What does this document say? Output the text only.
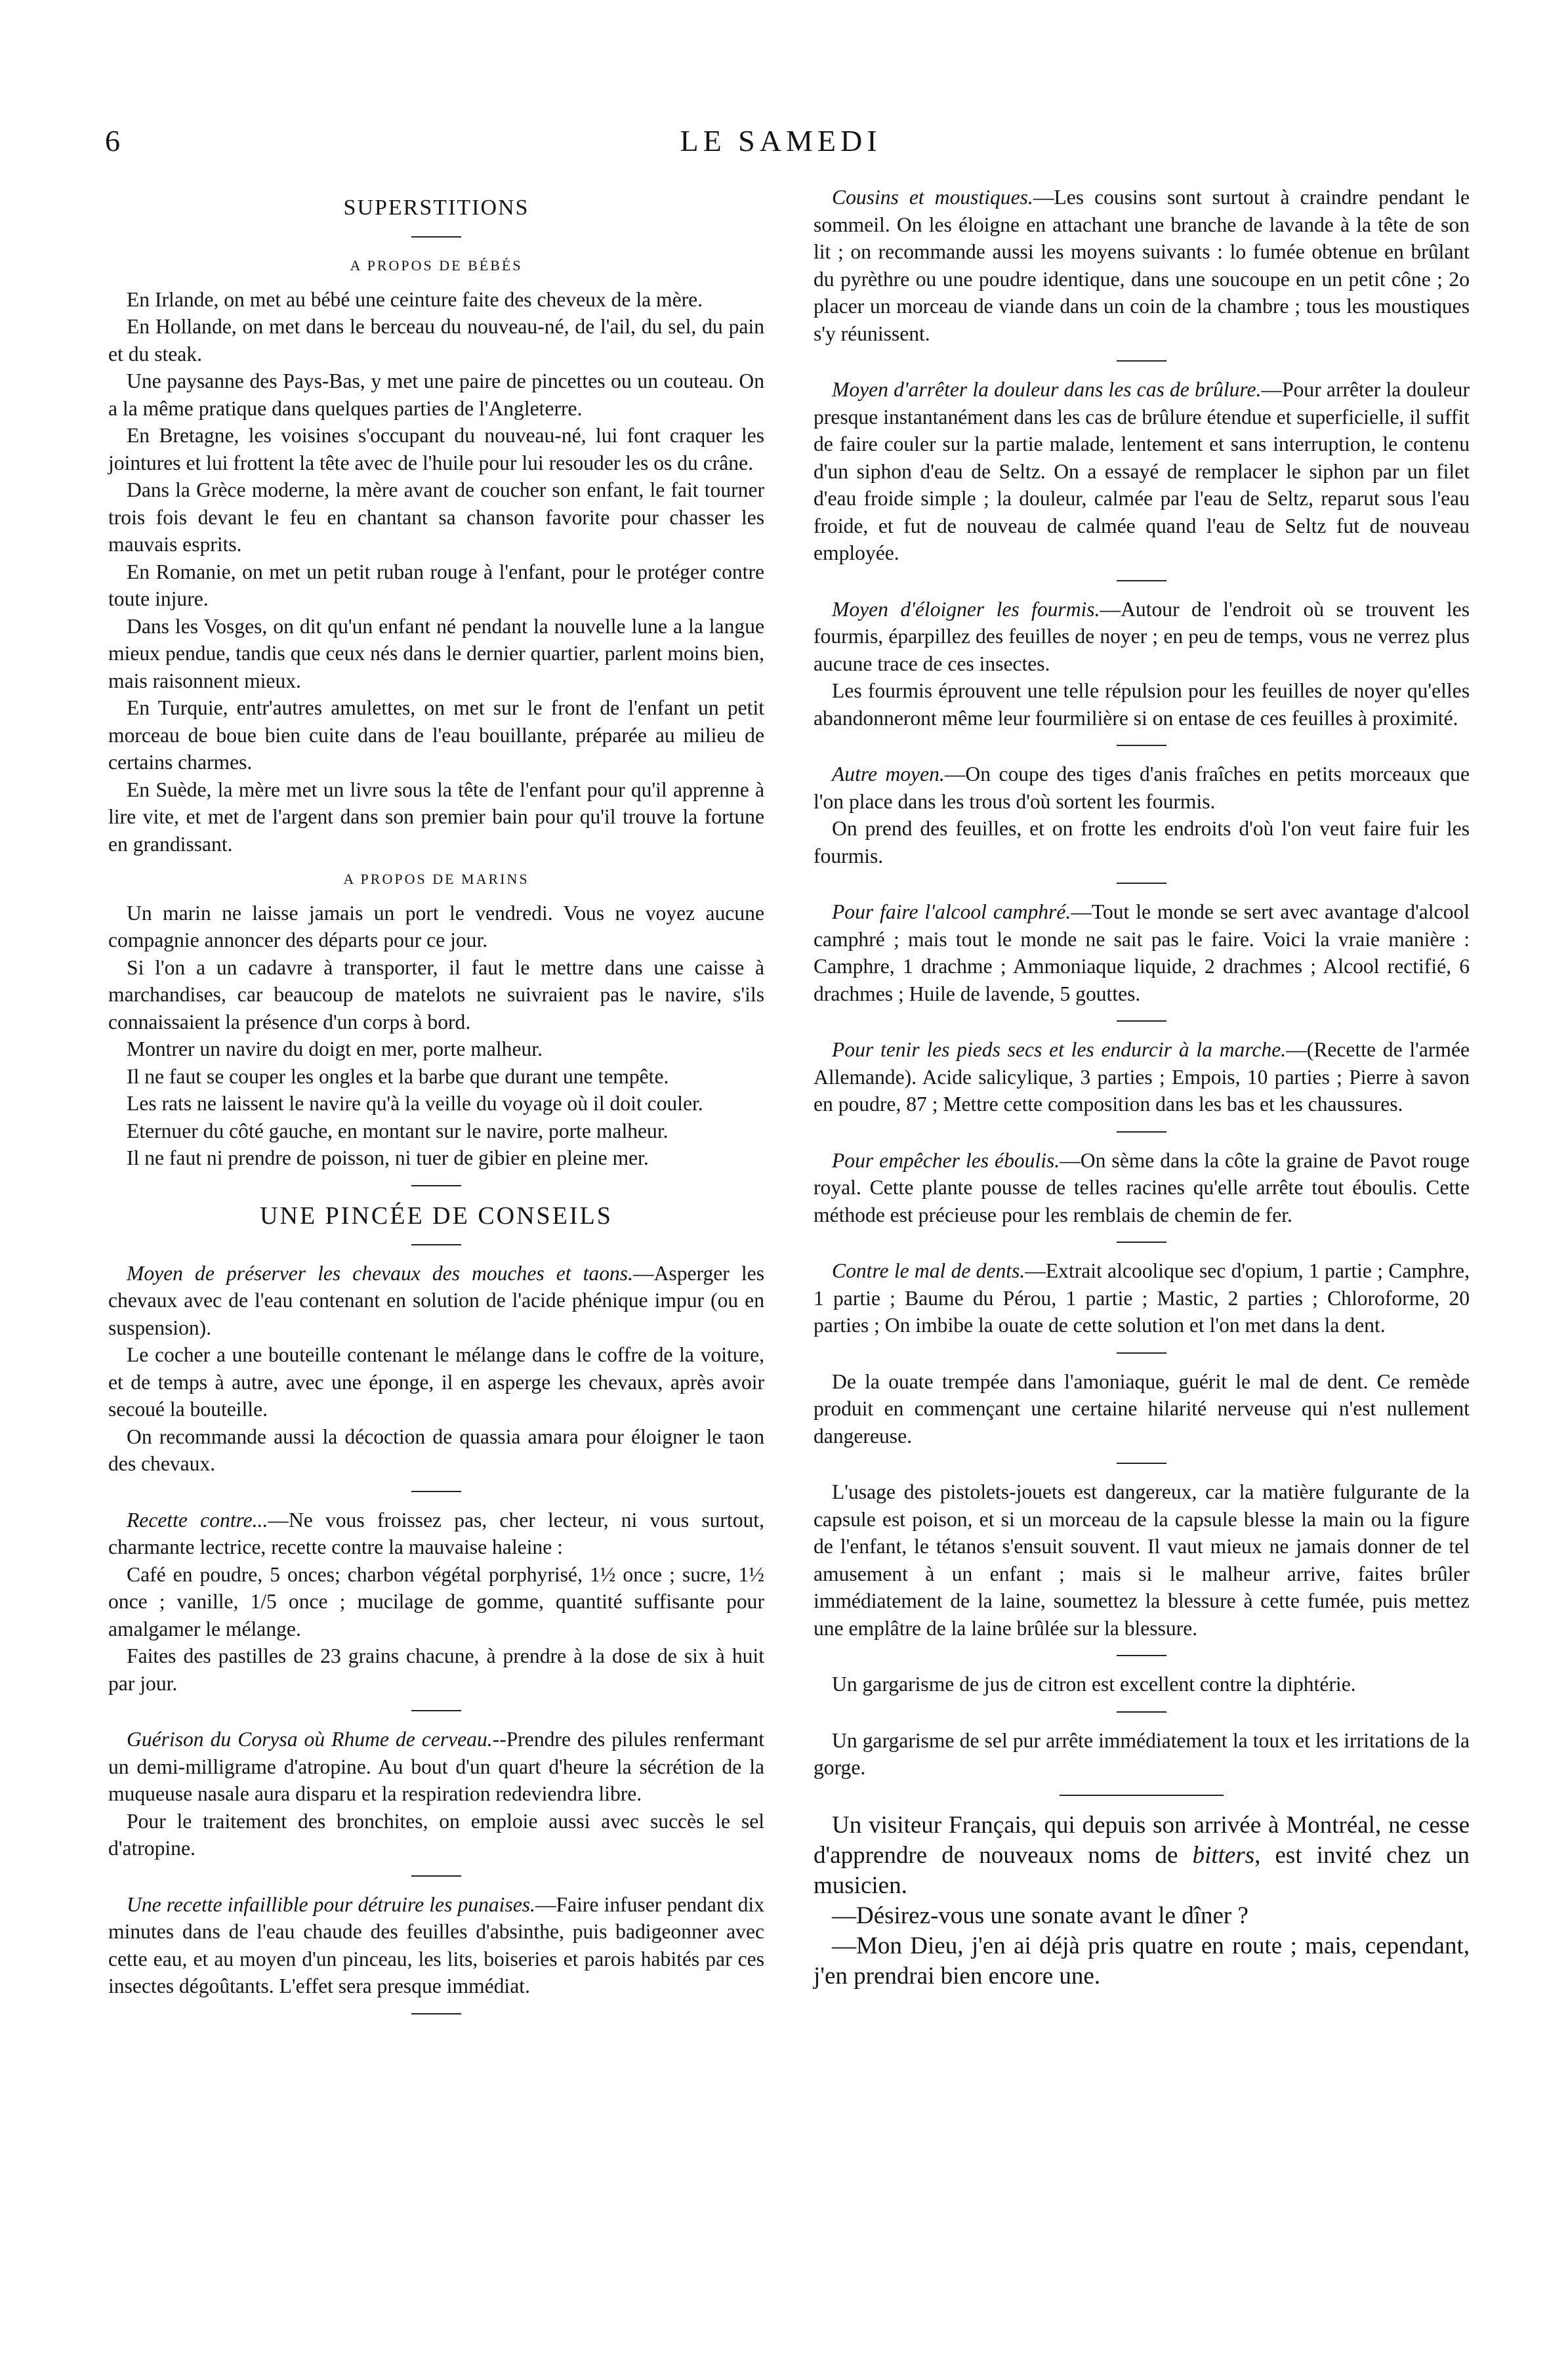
6	LE SAMEDI
SUPERSTITIONS
A PROPOS DE BÉBÉS

En Irlande, on met au bébé une ceinture faite des cheveux de la mère.

En Hollande, on met dans le berceau du nouveau-né, de l'ail, du sel, du pain et du steak.

Une paysanne des Pays-Bas, y met une paire de pincettes ou un couteau. On a la même pratique dans quelques parties de l'Angleterre.

En Bretagne, les voisines s'occupant du nouveau-né, lui font craquer les jointures et lui frottent la tête avec de l'huile pour lui resouder les os du crâne.

Dans la Grèce moderne, la mère avant de coucher son enfant, le fait tourner trois fois devant le feu en chantant sa chanson favorite pour chasser les mauvais esprits.

En Romanie, on met un petit ruban rouge à l'enfant, pour le protéger contre toute injure.

Dans les Vosges, on dit qu'un enfant né pendant la nouvelle lune a la langue mieux pendue, tandis que ceux nés dans le dernier quartier, parlent moins bien, mais raisonnent mieux.

En Turquie, entr'autres amulettes, on met sur le front de l'enfant un petit morceau de boue bien cuite dans de l'eau bouillante, préparée au milieu de certains charmes.

En Suède, la mère met un livre sous la tête de l'enfant pour qu'il apprenne à lire vite, et met de l'argent dans son premier bain pour qu'il trouve la fortune en grandissant.

A PROPOS DE MARINS

Un marin ne laisse jamais un port le vendredi. Vous ne voyez aucune compagnie annoncer des départs pour ce jour.

Si l'on a un cadavre à transporter, il faut le mettre dans une caisse à marchandises, car beaucoup de matelots ne suivraient pas le navire, s'ils connaissaient la présence d'un corps à bord.

Montrer un navire du doigt en mer, porte malheur.

Il ne faut se couper les ongles et la barbe que durant une tempête.

Les rats ne laissent le navire qu'à la veille du voyage où il doit couler.

Eternuer du côté gauche, en montant sur le navire, porte malheur.

Il ne faut ni prendre de poisson, ni tuer de gibier en pleine mer.

UNE PINCÉE DE CONSEILS

Moyen de préserver les chevaux des mouches et taons.—Asperger les chevaux avec de l'eau contenant en solution de l'acide phénique impur (ou en suspension).

Le cocher a une bouteille contenant le mélange dans le coffre de la voiture, et de temps à autre, avec une éponge, il en asperge les chevaux, après avoir secoué la bouteille.

On recommande aussi la décoction de quassia amara pour éloigner le taon des chevaux.

Recette contre...—Ne vous froissez pas, cher lecteur, ni vous surtout, charmante lectrice, recette contre la mauvaise haleine :

Café en poudre, 5 onces; charbon végétal porphyrisé, 1½ once ; sucre, 1½ once ; vanille, 1/5 once ; mucilage de gomme, quantité suffisante pour amalgamer le mélange.

Faites des pastilles de 23 grains chacune, à prendre à la dose de six à huit par jour.

Guérison du Corysa où Rhume de cerveau.--Prendre des pilules renfermant un demi-milligrame d'atropine. Au bout d'un quart d'heure la sécrétion de la muqueuse nasale aura disparu et la respiration redeviendra libre.

Pour le traitement des bronchites, on emploie aussi avec succès le sel d'atropine.

Une recette infaillible pour détruire les punaises.—Faire infuser pendant dix minutes dans de l'eau chaude des feuilles d'absinthe, puis badigeonner avec cette eau, et au moyen d'un pinceau, les lits, boiseries et parois habités par ces insectes dégoûtants. L'effet sera presque immédiat.

Cousins et moustiques.—Les cousins sont surtout à craindre pendant le sommeil. On les éloigne en attachant une branche de lavande à la tête de son lit ; on recommande aussi les moyens suivants : lo fumée obtenue en brûlant du pyrèthre ou une poudre identique, dans une soucoupe en un petit cône ; 2o placer un morceau de viande dans un coin de la chambre ; tous les moustiques s'y réunissent.

Moyen d'arrêter la douleur dans les cas de brûlure.—Pour arrêter la douleur presque instantanément dans les cas de brûlure étendue et superficielle, il suffit de faire couler sur la partie malade, lentement et sans interruption, le contenu d'un siphon d'eau de Seltz. On a essayé de remplacer le siphon par un filet d'eau froide simple ; la douleur, calmée par l'eau de Seltz, reparut sous l'eau froide, et fut de nouveau de calmée quand l'eau de Seltz fut de nouveau employée.

Moyen d'éloigner les fourmis.—Autour de l'endroit où se trouvent les fourmis, éparpillez des feuilles de noyer ; en peu de temps, vous ne verrez plus aucune trace de ces insectes.

Les fourmis éprouvent une telle répulsion pour les feuilles de noyer qu'elles abandonneront même leur fourmilière si on entase de ces feuilles à proximité.

Autre moyen.—On coupe des tiges d'anis fraîches en petits morceaux que l'on place dans les trous d'où sortent les fourmis.

On prend des feuilles, et on frotte les endroits d'où l'on veut faire fuir les fourmis.

Pour faire l'alcool camphré.—Tout le monde se sert avec avantage d'alcool camphré ; mais tout le monde ne sait pas le faire. Voici la vraie manière : Camphre, 1 drachme ; Ammoniaque liquide, 2 drachmes ; Alcool rectifié, 6 drachmes ; Huile de lavende, 5 gouttes.

Pour tenir les pieds secs et les endurcir à la marche.—(Recette de l'armée Allemande). Acide salicylique, 3 parties ; Empois, 10 parties ; Pierre à savon en poudre, 87 ; Mettre cette composition dans les bas et les chaussures.

Pour empêcher les éboulis.—On sème dans la côte la graine de Pavot rouge royal. Cette plante pousse de telles racines qu'elle arrête tout éboulis. Cette méthode est précieuse pour les remblais de chemin de fer.

Contre le mal de dents.—Extrait alcoolique sec d'opium, 1 partie ; Camphre, 1 partie ; Baume du Pérou, 1 partie ; Mastic, 2 parties ; Chloroforme, 20 parties ; On imbibe la ouate de cette solution et l'on met dans la dent.

De la ouate trempée dans l'amoniaque, guérit le mal de dent. Ce remède produit en commençant une certaine hilarité nerveuse qui n'est nullement dangereuse.

L'usage des pistolets-jouets est dangereux, car la matière fulgurante de la capsule est poison, et si un morceau de la capsule blesse la main ou la figure de l'enfant, le tétanos s'ensuit souvent. Il vaut mieux ne jamais donner de tel amusement à un enfant ; mais si le malheur arrive, faites brûler immédiatement de la laine, soumettez la blessure à cette fumée, puis mettez une emplâtre de la laine brûlée sur la blessure.

Un gargarisme de jus de citron est excellent contre la diphtérie.

Un gargarisme de sel pur arrête immédiatement la toux et les irritations de la gorge.

Un visiteur Français, qui depuis son arrivée à Montréal, ne cesse d'apprendre de nouveaux noms de bitters, est invité chez un musicien.

—Désirez-vous une sonate avant le dîner ?

—Mon Dieu, j'en ai déjà pris quatre en route ; mais, cependant, j'en prendrai bien encore une.
